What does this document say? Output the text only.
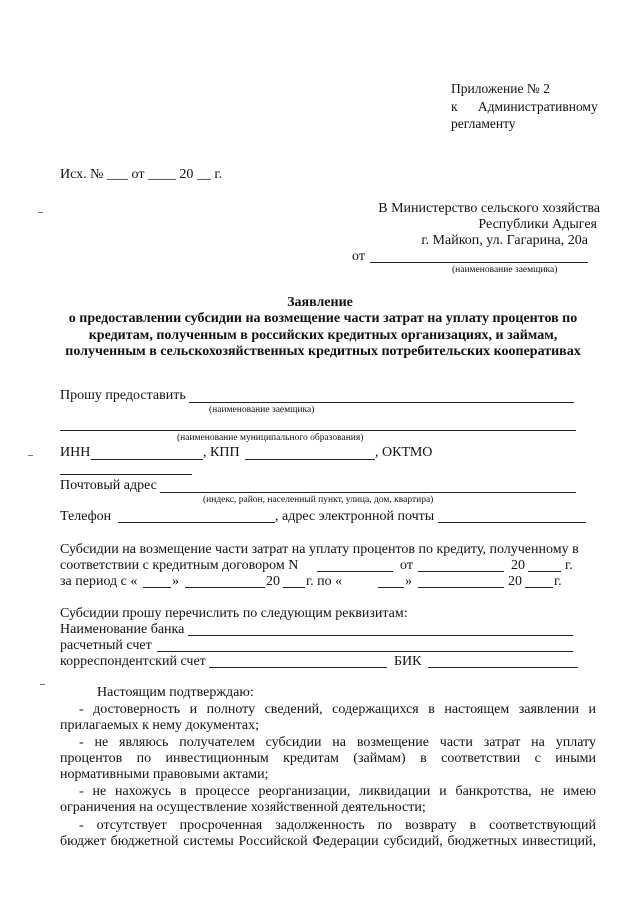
Приложение № 2
к Административному
регламенту
Исх. № ___ от ____ 20 __ г.
В Министерство сельского хозяйства
Республики Адыгея
г. Майкоп, ул. Гагарина, 20а
от
(наименование заемщика)
Заявление
о предоставлении субсидии на возмещение части затрат на уплату процентов по
кредитам, полученным в российских кредитных организациях, и займам,
полученным в сельскохозяйственных кредитных потребительских кооперативах
Прошу предоставить
(наименование заемщика)
(наименование муниципального образования)
ИНН	, КПП	, ОКТМО
Почтовый адрес
(индекс, район, населенный пункт, улица, дом, квартира)
Телефон	, адрес электронной почты
Субсидии на возмещение части затрат на уплату процентов по кредиту, полученному в
соответствии с кредитным договором N	от	20	г.
за период с « »	20 г. по «	»	20 г.
Субсидии прошу перечислить по следующим реквизитам:
Наименование банка
расчетный счет
корреспондентский счет	БИК
Настоящим подтверждаю:
- достоверность и полноту сведений, содержащихся в настоящем заявлении и
прилагаемых к нему документах;
- не являюсь получателем субсидии на возмещение части затрат на уплату
процентов по инвестиционным кредитам (займам) в соответствии с иными
нормативными правовыми актами;
- не нахожусь в процессе реорганизации, ликвидации и банкротства, не имею
ограничения на осуществление хозяйственной деятельности;
- отсутствует просроченная задолженность по возврату в соответствующий
бюджет бюджетной системы Российской Федерации субсидий, бюджетных инвестиций,
